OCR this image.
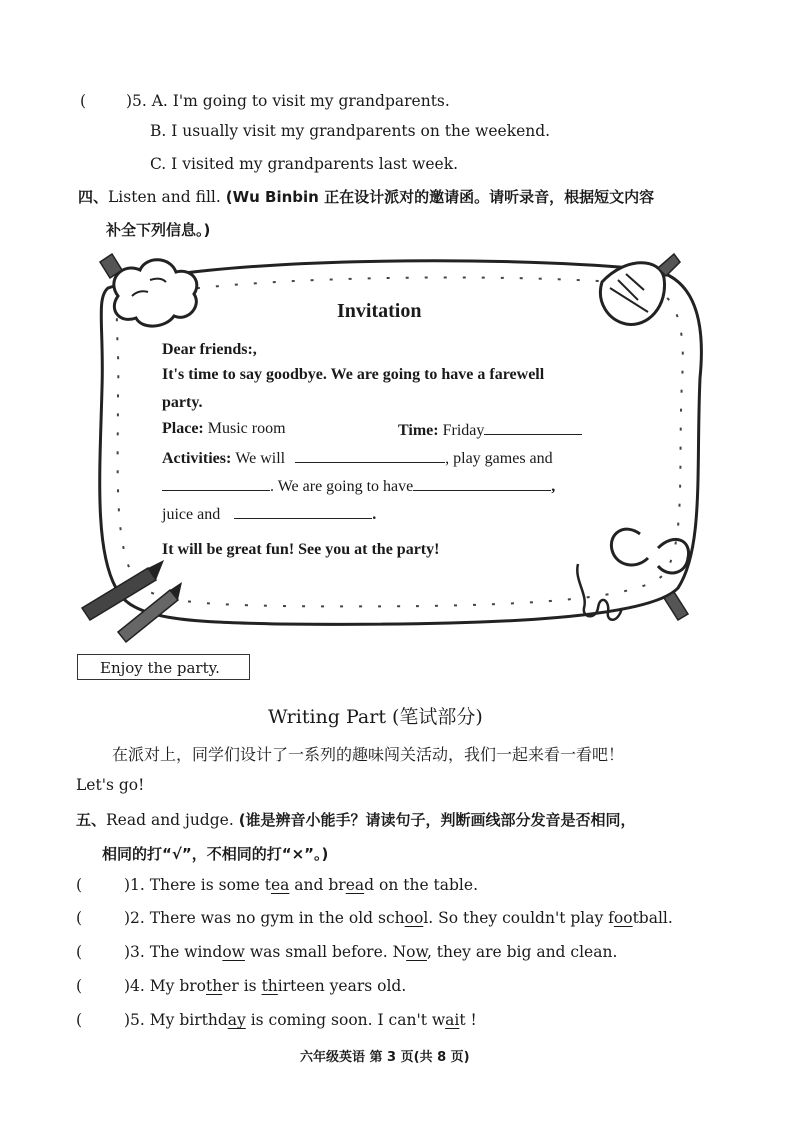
(	)5. A. I'm going to visit my grandparents.
B. I usually visit my grandparents on the weekend.
C. I visited my grandparents last week.
四、Listen and fill. (Wu Binbin 正在设计派对的邀请函。请听录音，根据短文内容
补全下列信息。)
Invitation
Dear friends:,
It's time to say goodbye. We are going to have a farewell
party.
Place: Music room	Time: Friday
Activities: We will	, play games and
. We are going to have	,
juice and	.
It will be great fun! See you at the party!
Enjoy the party.
Writing Part (笔试部分)
在派对上，同学们设计了一系列的趣味闯关活动，我们一起来看一看吧！
Let's go!
五、Read and judge. (谁是辨音小能手？请读句子，判断画线部分发音是否相同，
相同的打“√”，不相同的打“×”。)
(	)1. There is some tea and bread on the table.
(	)2. There was no gym in the old school. So they couldn't play football.
(	)3. The window was small before. Now, they are big and clean.
(	)4. My brother is thirteen years old.
(	)5. My birthday is coming soon. I can't wait !
六年级英语 第 3 页(共 8 页)
